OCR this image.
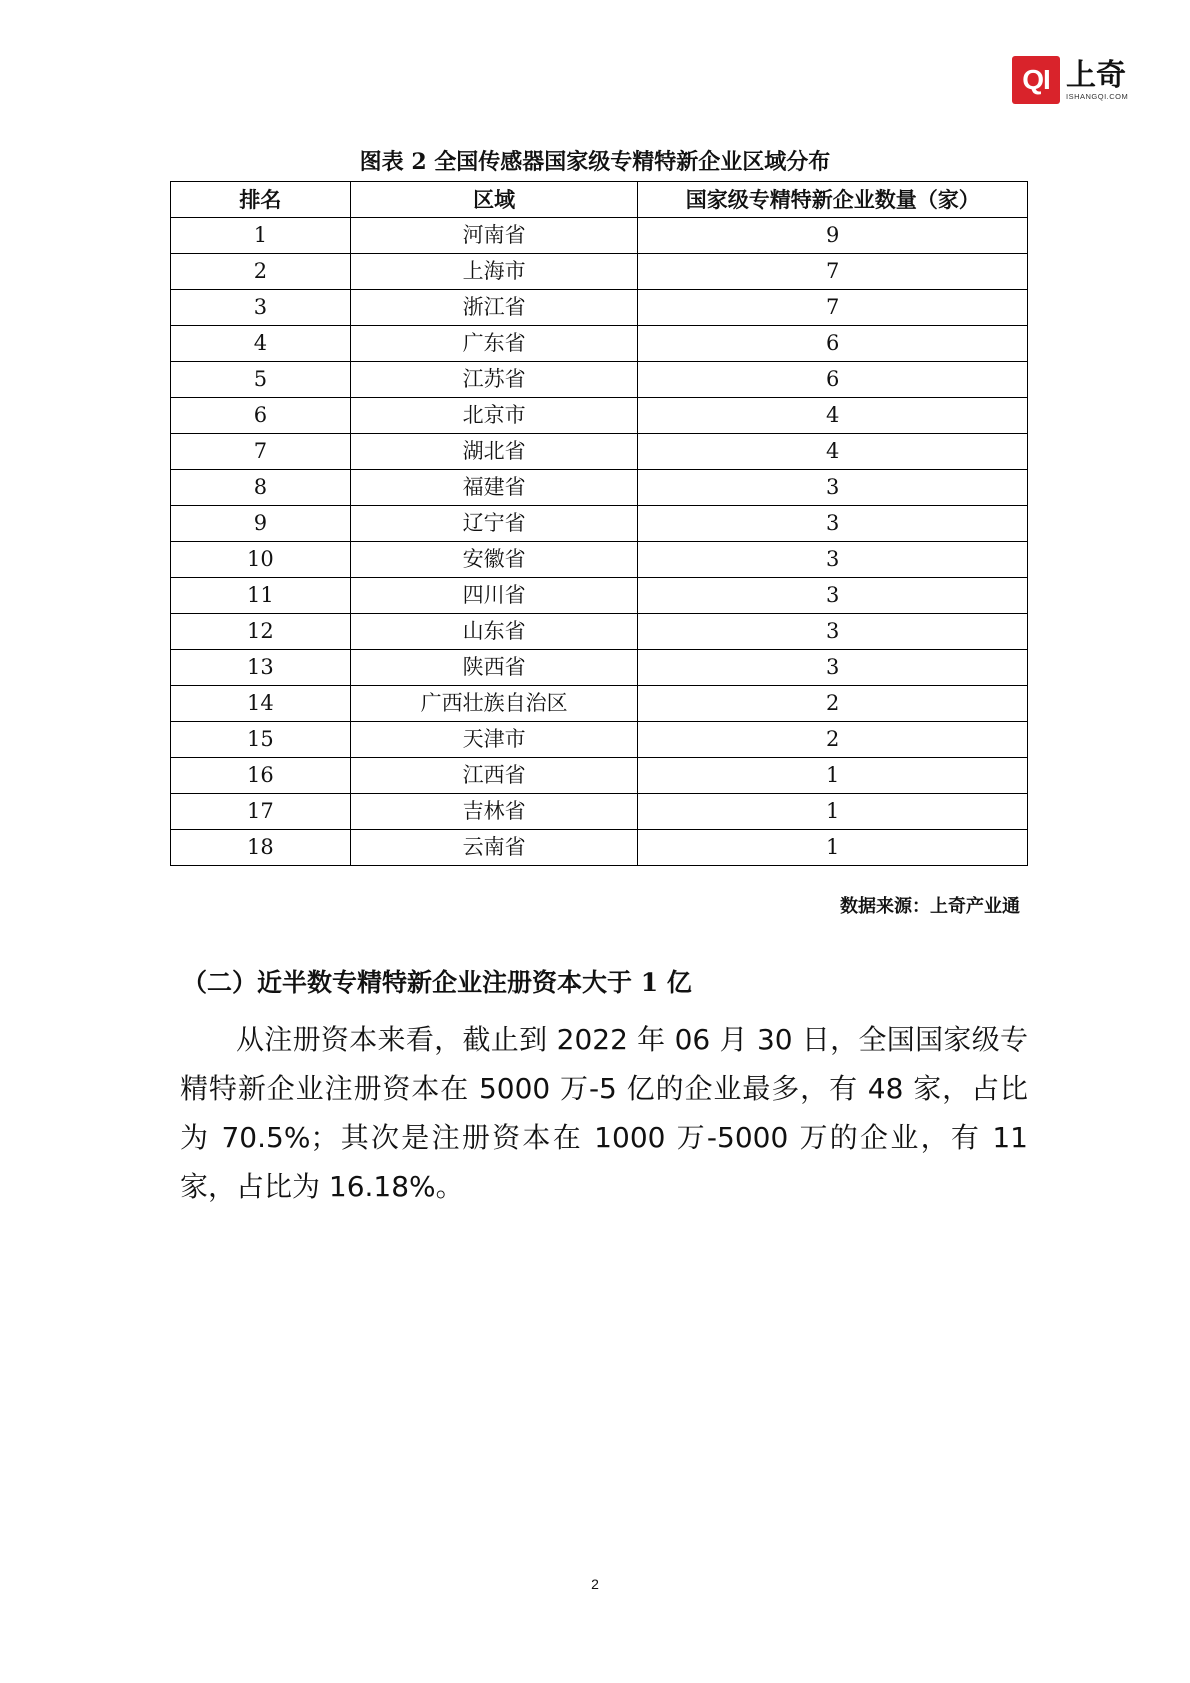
QI 上奇
ISHANGQI.COM
图表 2 全国传感器国家级专精特新企业区域分布
排名	区域	国家级专精特新企业数量（家）
1	河南省	9
2	上海市	7
3	浙江省	7
4	广东省	6
5	江苏省	6
6	北京市	4
7	湖北省	4
8	福建省	3
9	辽宁省	3
10	安徽省	3
11	四川省	3
12	山东省	3
13	陕西省	3
14	广西壮族自治区	2
15	天津市	2
16	江西省	1
17	吉林省	1
18	云南省	1
数据来源：上奇产业通
（二）近半数专精特新企业注册资本大于 1 亿

从注册资本来看，截止到 2022 年 06 月 30 日，全国国家级专精特新企业注册资本在 5000 万-5 亿的企业最多，有 48 家，占比为 70.5%；其次是注册资本在 1000 万-5000 万的企业，有 11 家，占比为 16.18%。

2
